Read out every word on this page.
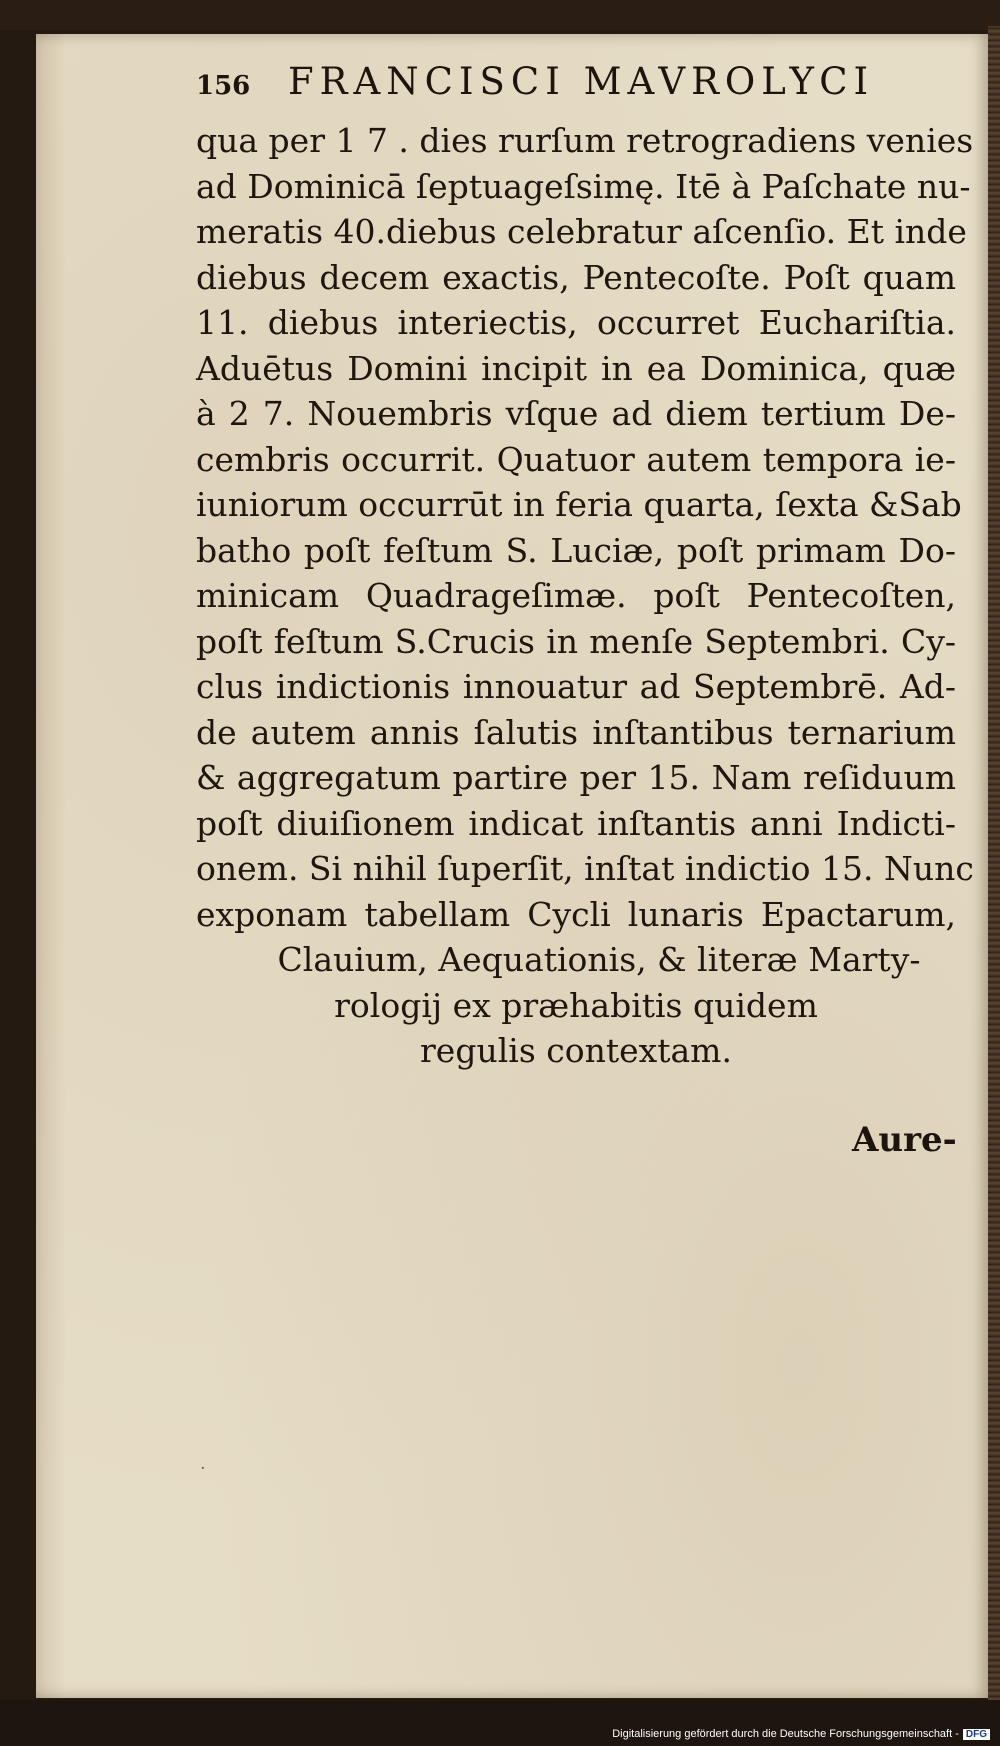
156 FRANCISCI MAVROLYCI
qua per 1 7 . dies rurſum retrogradiens venies
ad Dominicā ſeptuageſsimę. Itē à Paſchate nu-
meratis 40.diebus celebratur aſcenſio. Et inde
diebus decem exactis, Pentecoſte. Poſt quam
11. diebus interiectis, occurret Euchariſtia.
Aduētus Domini incipit in ea Dominica, quæ
à 2 7. Nouembris vſque ad diem tertium De-
cembris occurrit. Quatuor autem tempora ie-
iuniorum occurrūt in feria quarta, ſexta &Sab
batho poſt feſtum S. Luciæ, poſt primam Do-
minicam Quadrageſimæ. poſt Pentecoſten,
poſt feſtum S.Crucis in menſe Septembri. Cy-
clus indictionis innouatur ad Septembrē. Ad-
de autem annis ſalutis inſtantibus ternarium
& aggregatum partire per 15. Nam reſiduum
poſt diuiſionem indicat inſtantis anni Indicti-
onem. Si nihil ſuperſit, inſtat indictio 15. Nunc
exponam tabellam Cycli lunaris Epactarum,
Clauium, Aequationis, & literæ Marty-
rologij ex præhabitis quidem
regulis contextam.
Aure-
·
Digitalisierung gefördert durch die Deutsche Forschungsgemeinschaft - DFG
